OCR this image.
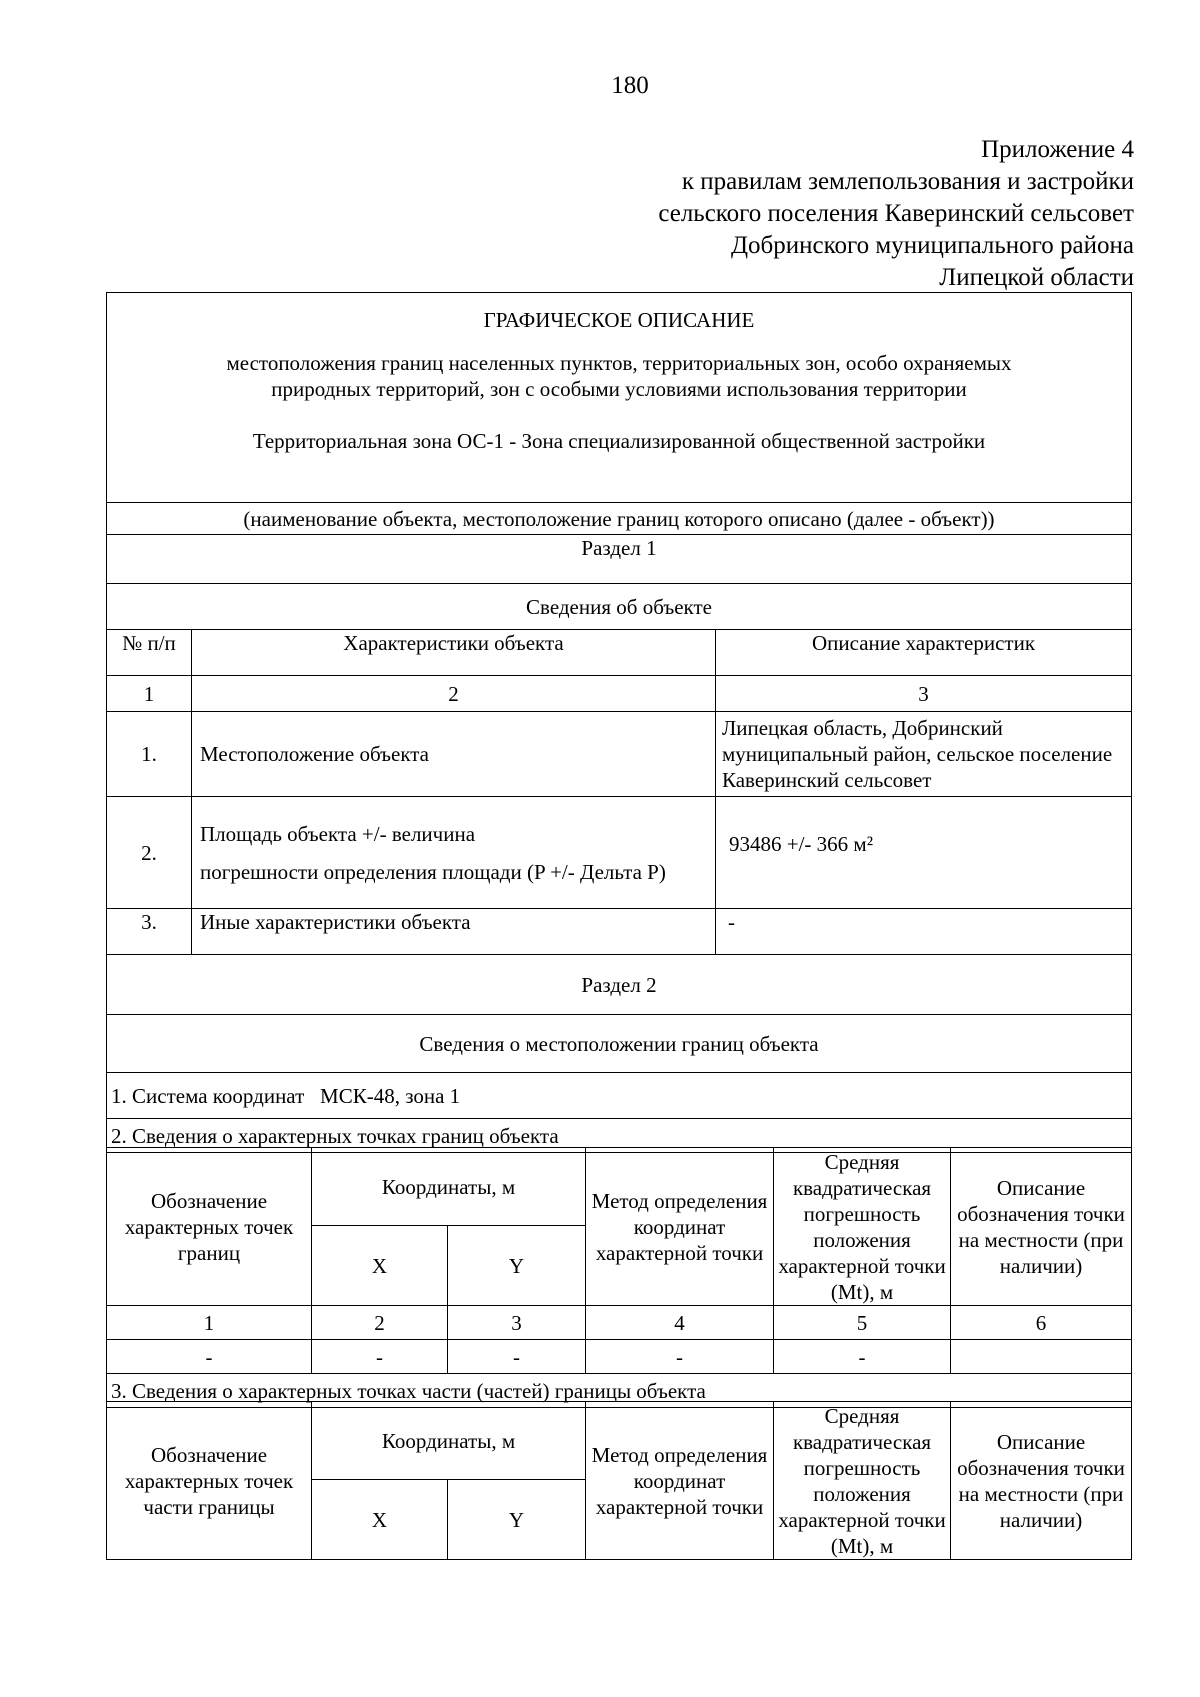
180
Приложение 4
к правилам землепользования и застройки
сельского поселения Каверинский сельсовет
Добринского муниципального района
Липецкой области
ГРАФИЧЕСКОЕ ОПИСАНИЕ
местоположения границ населенных пунктов, территориальных зон, особо охраняемых
природных территорий, зон с особыми условиями использования территории
Территориальная зона ОС-1 - Зона специализированной общественной застройки		

(наименование объекта, местоположение границ которого описано (далее - объект))		
Раздел 1		
Сведения об объекте		
№ п/п	Характеристики объекта	Описание характеристик
1	2	3
1.	Местоположение объекта	Липецкая область, Добринский муниципальный район, сельское поселение Каверинский сельсовет
2.	Площадь объекта +/- величина
погрешности определения площади (P +/- Дельта P)	93486 +/- 366 м²
3.	Иные характеристики объекта	-
Раздел 2		
Сведения о местоположении границ объекта		
1. Система координат МСК-48, зона 1		
2. Сведения о характерных точках границ объекта		
Обозначение характерных точек границ	Координаты, м		Метод определения координат характерной точки	Средняя квадратическая погрешность положения характерной точки (Mt), м	Описание обозначения точки на местности (при наличии)
	X	Y			
1	2	3	4	5	6
-	-	-	-	-	
3. Сведения о характерных точках части (частей) границы объекта					
Обозначение характерных точек части границы	Координаты, м		Метод определения координат характерной точки	Средняя квадратическая погрешность положения характерной точки (Mt), м	Описание обозначения точки на местности (при наличии)
	X	Y			
